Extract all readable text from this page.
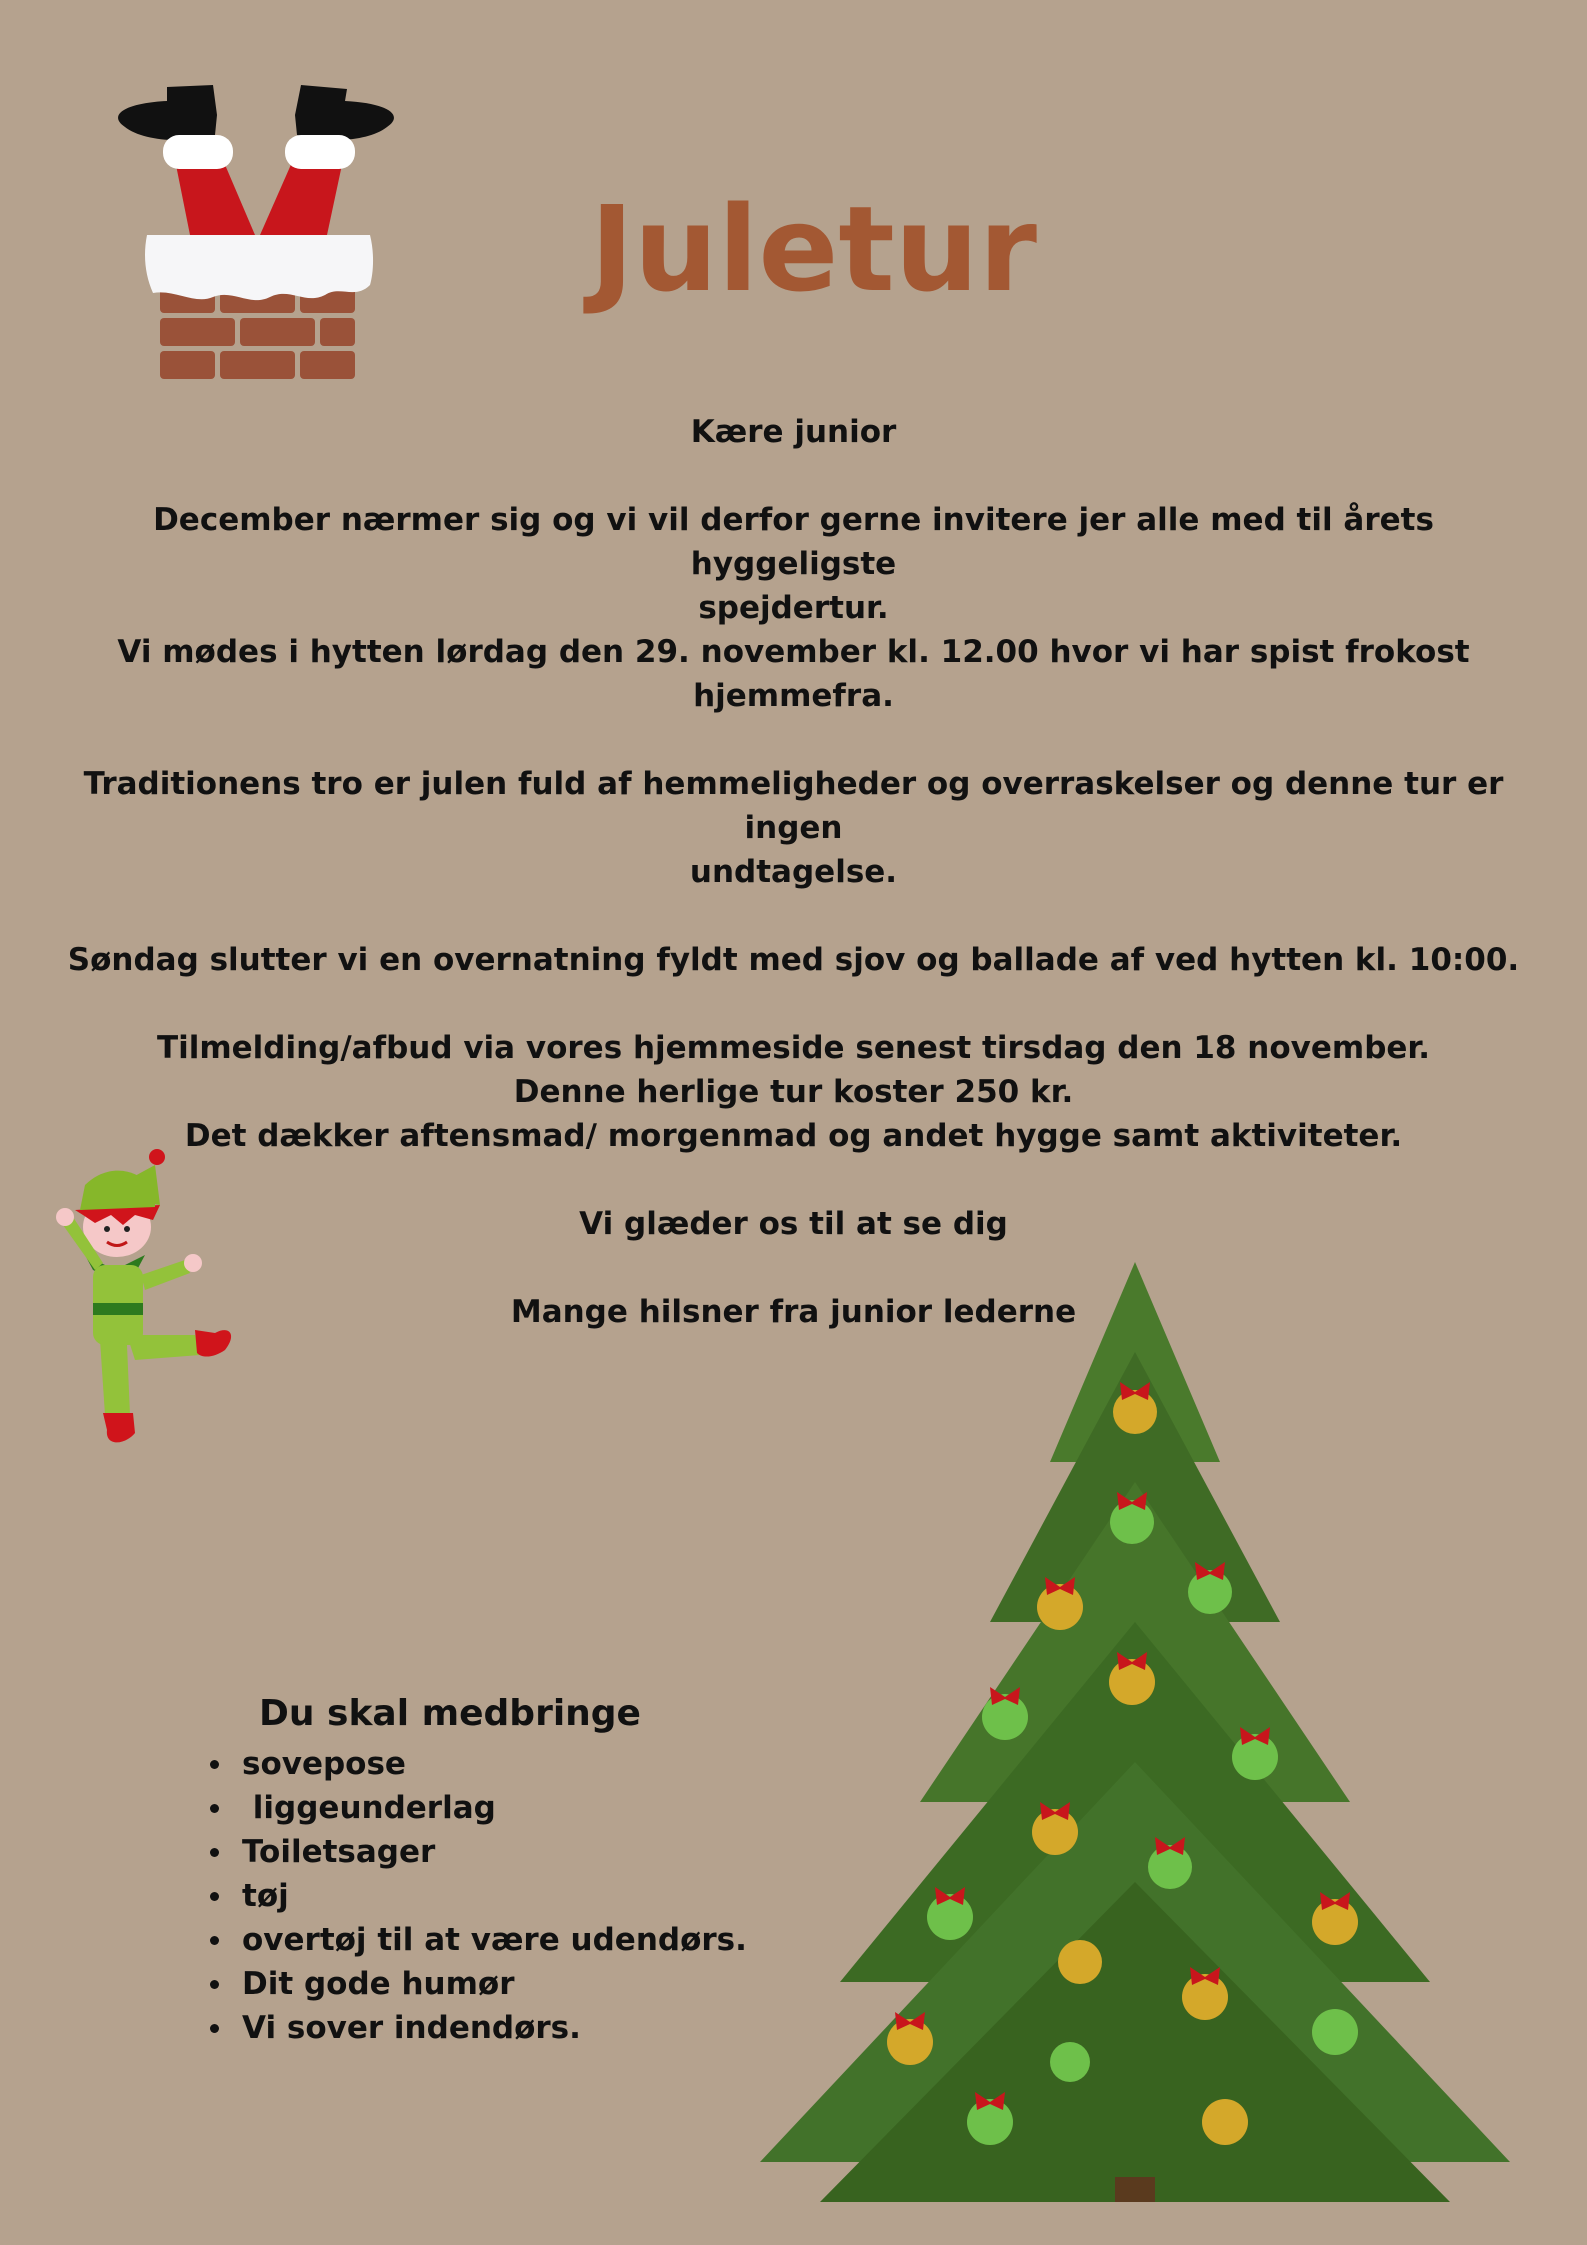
Juletur

Kære junior

December nærmer sig og vi vil derfor gerne invitere jer alle med til årets hyggeligste
spejdertur.
Vi mødes i hytten lørdag den 29. november kl. 12.00 hvor vi har spist frokost hjemmefra.

Traditionens tro er julen fuld af hemmeligheder og overraskelser og denne tur er ingen
undtagelse.

Søndag slutter vi en overnatning fyldt med sjov og ballade af ved hytten kl. 10:00.

Tilmelding/afbud via vores hjemmeside senest tirsdag den 18 november.
Denne herlige tur koster 250 kr.
Det dækker aftensmad/ morgenmad og andet hygge samt aktiviteter.

Vi glæder os til at se dig

Mange hilsner fra junior lederne

Du skal medbringe
sovepose
liggeunderlag
Toiletsager
tøj
overtøj til at være udendørs.
Dit gode humør
Vi sover indendørs.
